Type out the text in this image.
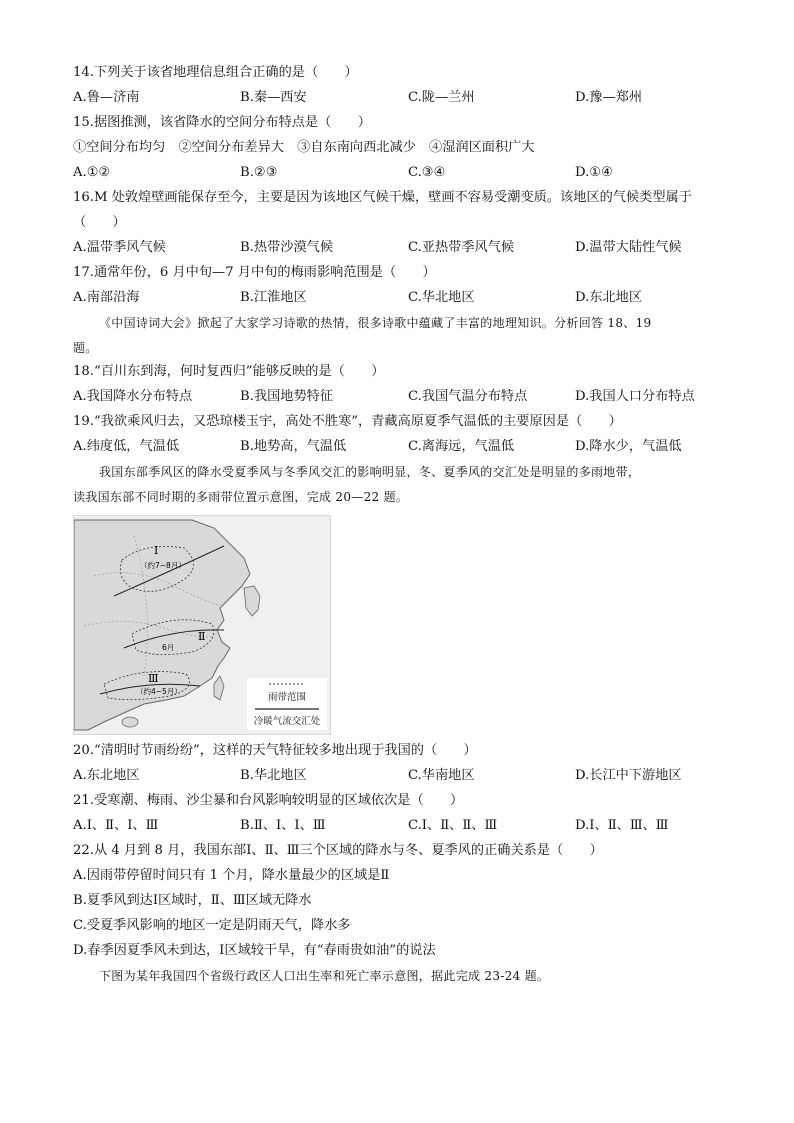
14.下列关于该省地理信息组合正确的是（　　）
A.鲁—济南	B.秦—西安	C.陇—兰州	D.豫—郑州
15.据图推测，该省降水的空间分布特点是（　　）
①空间分布均匀　②空间分布差异大　③自东南向西北减少　④湿润区面积广大
A.①②	B.②③	C.③④	D.①④
16.M 处敦煌壁画能保存至今，主要是因为该地区气候干燥，壁画不容易受潮变质。该地区的气候类型属于
（　　）
A.温带季风气候	B.热带沙漠气候	C.亚热带季风气候	D.温带大陆性气候
17.通常年份，6 月中旬—7 月中旬的梅雨影响范围是（　　）
A.南部沿海	B.江淮地区	C.华北地区	D.东北地区
《中国诗词大会》掀起了大家学习诗歌的热情，很多诗歌中蕴藏了丰富的地理知识。分析回答 18、19
题。
18.“百川东到海，何时复西归”能够反映的是（　　）
A.我国降水分布特点	B.我国地势特征	C.我国气温分布特点	D.我国人口分布特点
19.“我欲乘风归去，又恐琼楼玉宇，高处不胜寒”，青藏高原夏季气温低的主要原因是（　　）
A.纬度低，气温低	B.地势高，气温低	C.离海远，气温低	D.降水少，气温低
我国东部季风区的降水受夏季风与冬季风交汇的影响明显，冬、夏季风的交汇处是明显的多雨地带，
读我国东部不同时期的多雨带位置示意图，完成 20—22 题。
Ⅰ
（约7~8月）
Ⅱ
6月
Ⅲ
（约4~5月）
雨带范围
冷暖气流交汇处
20.“清明时节雨纷纷”，这样的天气特征较多地出现于我国的（　　）
A.东北地区	B.华北地区	C.华南地区	D.长江中下游地区
21.受寒潮、梅雨、沙尘暴和台风影响较明显的区域依次是（　　）
A.Ⅰ、Ⅱ、Ⅰ、Ⅲ	B.Ⅱ、Ⅰ、Ⅰ、Ⅲ	C.Ⅰ、Ⅱ、Ⅱ、Ⅲ	D.Ⅰ、Ⅱ、Ⅲ、Ⅲ
22.从 4 月到 8 月，我国东部Ⅰ、Ⅱ、Ⅲ三个区域的降水与冬、夏季风的正确关系是（　　）
A.因雨带停留时间只有 1 个月，降水量最少的区域是Ⅱ
B.夏季风到达Ⅰ区域时，Ⅱ、Ⅲ区域无降水
C.受夏季风影响的地区一定是阴雨天气，降水多
D.春季因夏季风未到达，Ⅰ区域较干旱，有“春雨贵如油”的说法
下图为某年我国四个省级行政区人口出生率和死亡率示意图，据此完成 23-24 题。
